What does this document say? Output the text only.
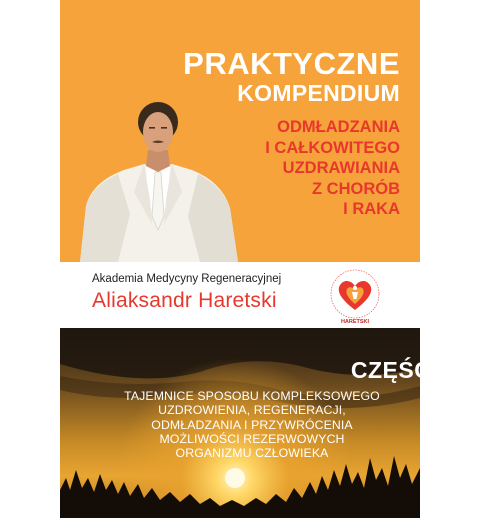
PRAKTYCZNE
KOMPENDIUM
ODMŁADZANIA
I CAŁKOWITEGO
UZDRAWIANIA
Z CHORÓB
I RAKA
Akademia Medycyny Regeneracyjnej
Aliaksandr Haretski
HARETSKI
CZĘŚĆ II
TAJEMNICE SPOSOBU KOMPLEKSOWEGO
UZDROWIENIA, REGENERACJI,
ODMŁADZANIA I PRZYWRÓCENIA
MOŻLIWOŚCI REZERWOWYCH
ORGANIZMU CZŁOWIEKA
